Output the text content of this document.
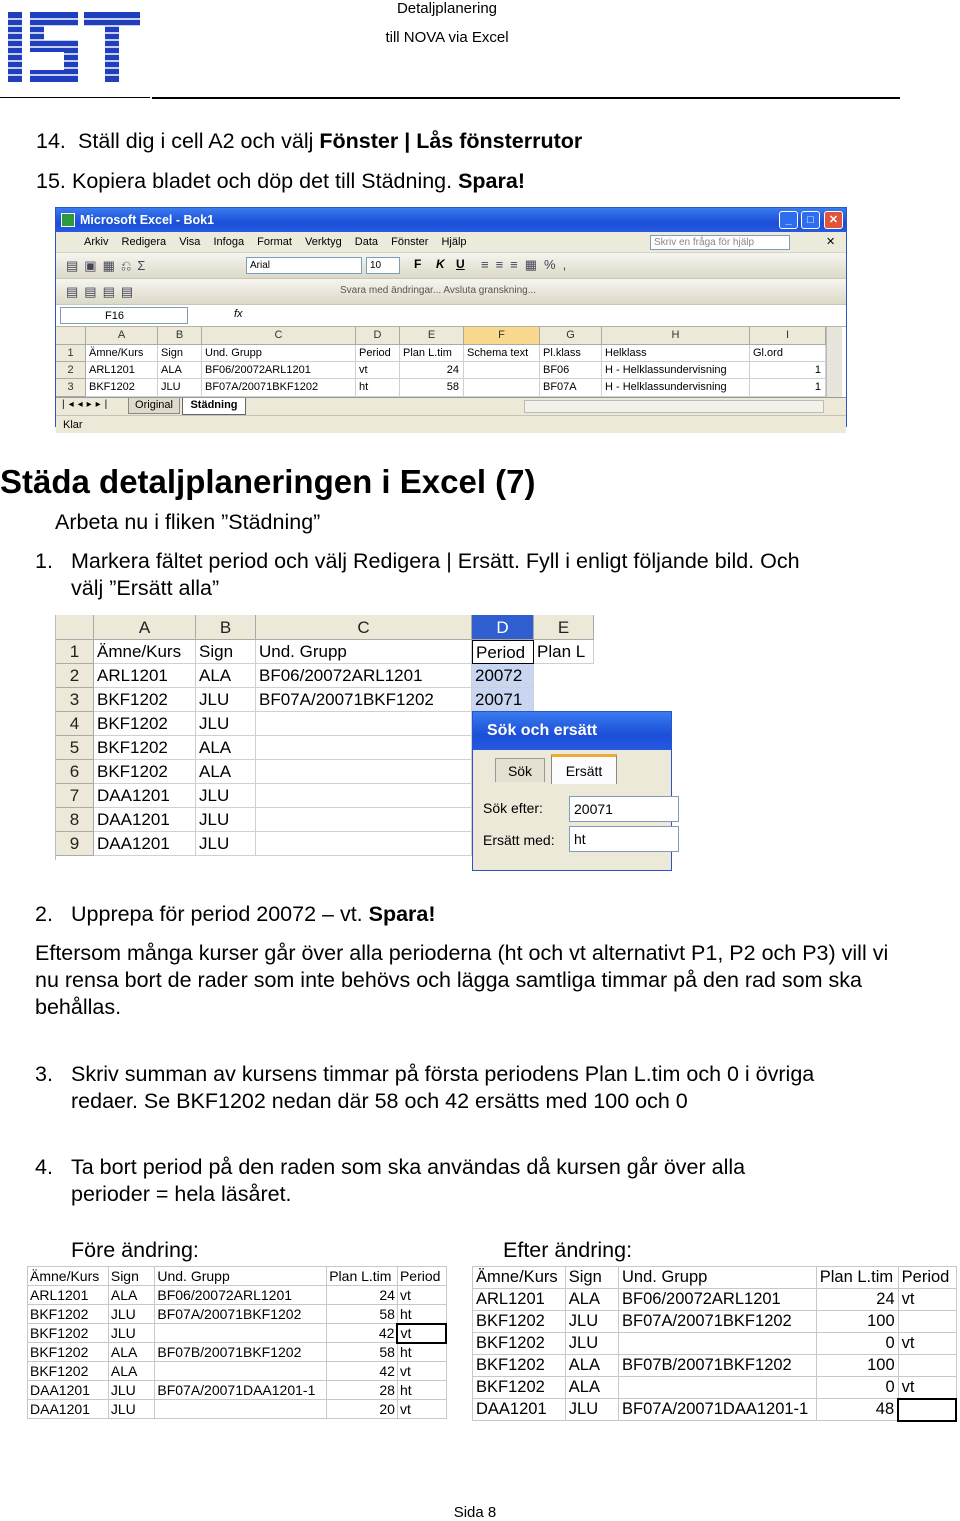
Detaljplanering
till NOVA via Excel
14. Ställ dig i cell A2 och välj Fönster | Lås fönsterrutor
15. Kopiera bladet och döp det till Städning. Spara!
Microsoft Excel - Bok1	_	□	✕
Arkiv Redigera Visa Infoga Format Verktyg Data Fönster Hjälp	Skriv en fråga för hjälp	✕
▤▣▦⎌Σ	Arial	10	F K U ≡≡≡▦%,
▤▤▤▤	Svara med ändringar... Avsluta granskning...
F16	fx
A	B	C	D	E	F	G	H	I
1	Ämne/Kurs	Sign	Und. Grupp	Period	Plan L.tim	Schema text	Pl.klass	Helklass	Gl.ord
2	ARL1201	ALA	BF06/20072ARL1201	vt	24	BF06	H - Helklassundervisning	1
3	BKF1202	JLU	BF07A/20071BKF1202	ht	58	BF07A	H - Helklassundervisning	1
|◂◂▸▸|	Original	Städning
Klar
Städa detaljplaneringen i Excel (7)
Arbeta nu i fliken ”Städning”
1. Markera fältet period och välj Redigera | Ersätt. Fyll i enligt följande bild. Och
välj ”Ersätt alla”
A	B	C	D	E
1	Ämne/Kurs	Sign	Und. Grupp	Period Plan L
2	ARL1201	ALA	BF06/20072ARL1201	20072
3	BKF1202	JLU	BF07A/20071BKF1202	20071
4	BKF1202	JLU
5	BKF1202	ALA
6	BKF1202	ALA
7	DAA1201	JLU
8	DAA1201	JLU
9	DAA1201	JLU
Sök och ersätt
Sök	Ersätt
Sök efter:	20071
Ersätt med:	ht
2. Upprepa för period 20072 – vt. Spara!
Eftersom många kurser går över alla perioderna (ht och vt alternativt P1, P2 och P3) vill vi nu rensa bort de rader som inte behövs och lägga samtliga timmar på den rad som ska behållas.
3. Skriv summan av kursens timmar på första periodens Plan L.tim och 0 i övriga
redaer. Se BKF1202 nedan där 58 och 42 ersätts med 100 och 0
4. Ta bort period på den raden som ska användas då kursen går över alla
perioder = hela läsåret.
Före ändring:	Efter ändring:
Ämne/Kurs	Sign	Und. Grupp	Plan L.tim	Period
ARL1201	ALA	BF06/20072ARL1201	24	vt
BKF1202	JLU	BF07A/20071BKF1202	58	ht
BKF1202	JLU		42	vt
BKF1202	ALA	BF07B/20071BKF1202	58	ht
BKF1202	ALA		42	vt
DAA1201	JLU	BF07A/20071DAA1201-1	28	ht
DAA1201	JLU		20	vt
Ämne/Kurs	Sign	Und. Grupp	Plan L.tim	Period
ARL1201	ALA	BF06/20072ARL1201	24	vt
BKF1202	JLU	BF07A/20071BKF1202	100	
BKF1202	JLU		0	vt
BKF1202	ALA	BF07B/20071BKF1202	100	
BKF1202	ALA		0	vt
DAA1201	JLU	BF07A/20071DAA1201-1	48	
Sida 8
